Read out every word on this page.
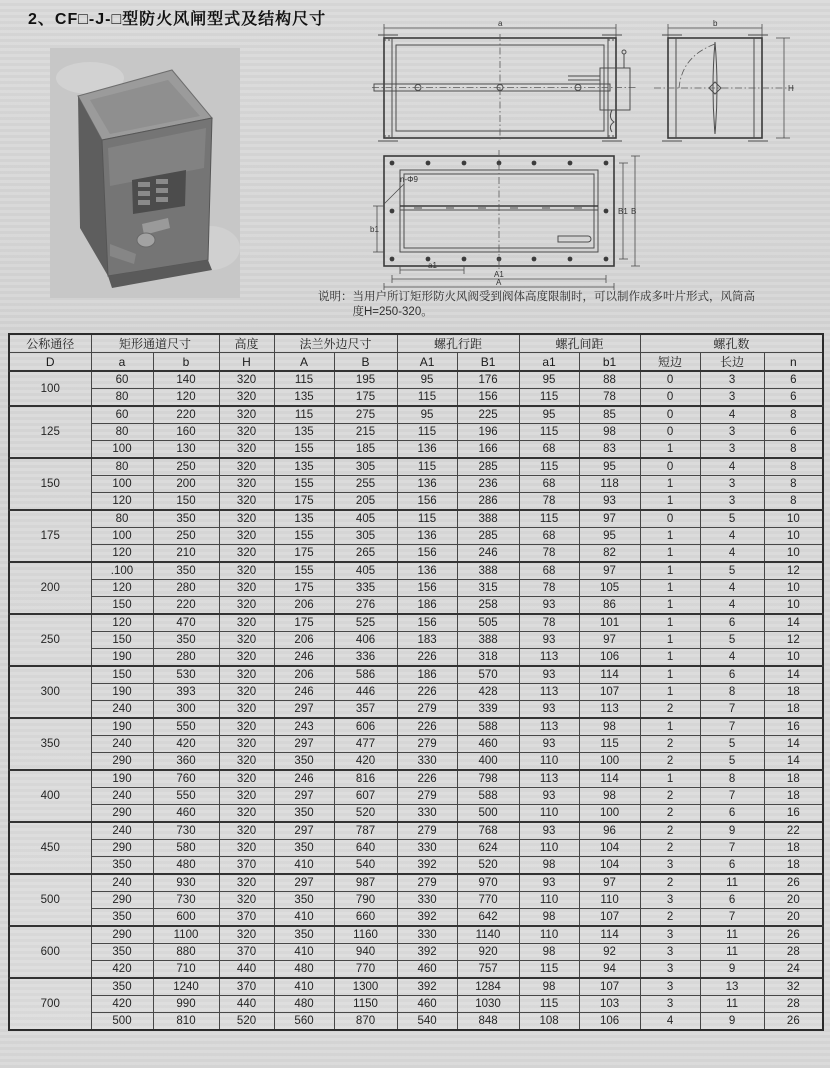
2、CF□-J-□型防火风闸型式及结构尺寸	a	b
H
n-Φ9
b1
a1
A1
A
B1 B
说明： 当用户所订矩形防火风阀受到阀体高度限制时，可以制作成多叶片形式，风筒高
度H=250-320。
公称通径	矩形通道尺寸		高度	法兰外边尺寸		螺孔行距		螺孔间距		螺孔数		
D	a	b	H	A	B	A1	B1	a1	b1	短边	长边	n
100	60	140	320	115	195	95	176	95	88	0	3	6
	80	120	320	135	175	115	156	115	78	0	3	6
125	60	220	320	115	275	95	225	95	85	0	4	8
	80	160	320	135	215	115	196	115	98	0	3	6
	100	130	320	155	185	136	166	68	83	1	3	8
150	80	250	320	135	305	115	285	115	95	0	4	8
	100	200	320	155	255	136	236	68	118	1	3	8
	120	150	320	175	205	156	286	78	93	1	3	8
175	80	350	320	135	405	115	388	115	97	0	5	10
	100	250	320	155	305	136	285	68	95	1	4	10
	120	210	320	175	265	156	246	78	82	1	4	10
200	.100	350	320	155	405	136	388	68	97	1	5	12
	120	280	320	175	335	156	315	78	105	1	4	10
	150	220	320	206	276	186	258	93	86	1	4	10
250	120	470	320	175	525	156	505	78	101	1	6	14
	150	350	320	206	406	183	388	93	97	1	5	12
	190	280	320	246	336	226	318	113	106	1	4	10
300	150	530	320	206	586	186	570	93	114	1	6	14
	190	393	320	246	446	226	428	113	107	1	8	18
	240	300	320	297	357	279	339	93	113	2	7	18
350	190	550	320	243	606	226	588	113	98	1	7	16
	240	420	320	297	477	279	460	93	115	2	5	14
	290	360	320	350	420	330	400	110	100	2	5	14
400	190	760	320	246	816	226	798	113	114	1	8	18
	240	550	320	297	607	279	588	93	98	2	7	18
	290	460	320	350	520	330	500	110	100	2	6	16
450	240	730	320	297	787	279	768	93	96	2	9	22
	290	580	320	350	640	330	624	110	104	2	7	18
	350	480	370	410	540	392	520	98	104	3	6	18
500	240	930	320	297	987	279	970	93	97	2	11	26
	290	730	320	350	790	330	770	110	110	3	6	20
	350	600	370	410	660	392	642	98	107	2	7	20
600	290	1100	320	350	1160	330	1140	110	114	3	11	26
	350	880	370	410	940	392	920	98	92	3	11	28
	420	710	440	480	770	460	757	115	94	3	9	24
700	350	1240	370	410	1300	392	1284	98	107	3	13	32
	420	990	440	480	1150	460	1030	115	103	3	11	28
	500	810	520	560	870	540	848	108	106	4	9	26
